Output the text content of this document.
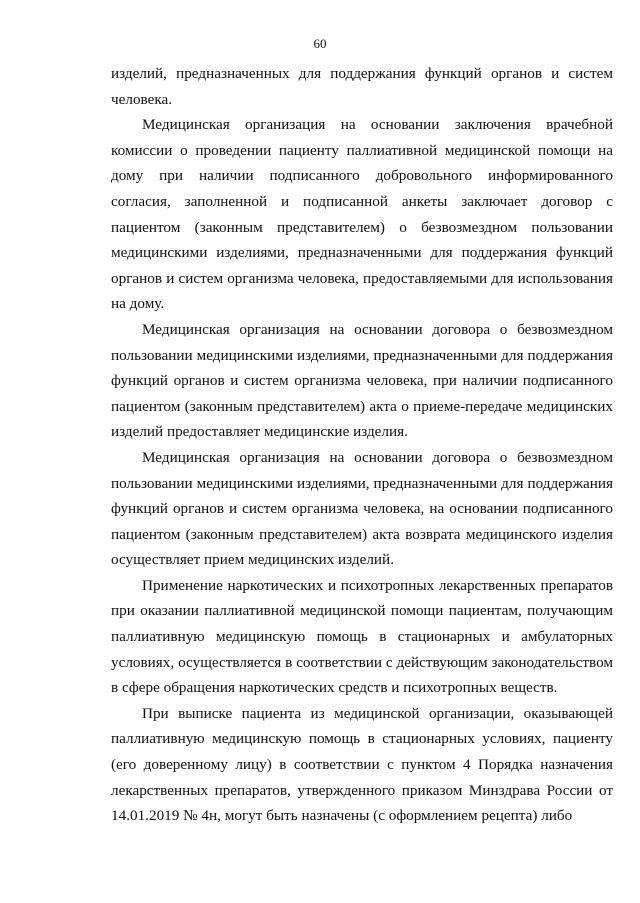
60

изделий, предназначенных для поддержания функций органов и систем человека.

Медицинская организация на основании заключения врачебной комиссии о проведении пациенту паллиативной медицинской помощи на дому при наличии подписанного добровольного информированного согласия, заполненной и подписанной анкеты заключает договор с пациентом (законным представителем) о безвозмездном пользовании медицинскими изделиями, предназначенными для поддержания функций органов и систем организма человека, предоставляемыми для использования на дому.

Медицинская организация на основании договора о безвозмездном пользовании медицинскими изделиями, предназначенными для поддержания функций органов и систем организма человека, при наличии подписанного пациентом (законным представителем) акта о приеме-передаче медицинских изделий предоставляет медицинские изделия.

Медицинская организация на основании договора о безвозмездном пользовании медицинскими изделиями, предназначенными для поддержания функций органов и систем организма человека, на основании подписанного пациентом (законным представителем) акта возврата медицинского изделия осуществляет прием медицинских изделий.

Применение наркотических и психотропных лекарственных препаратов при оказании паллиативной медицинской помощи пациентам, получающим паллиативную медицинскую помощь в стационарных и амбулаторных условиях, осуществляется в соответствии с действующим законодательством в сфере обращения наркотических средств и психотропных веществ.

При выписке пациента из медицинской организации, оказывающей паллиативную медицинскую помощь в стационарных условиях, пациенту (его доверенному лицу) в соответствии с пунктом 4 Порядка назначения лекарственных препаратов, утвержденного приказом Минздрава России от 14.01.2019 № 4н, могут быть назначены (с оформлением рецепта) либо
